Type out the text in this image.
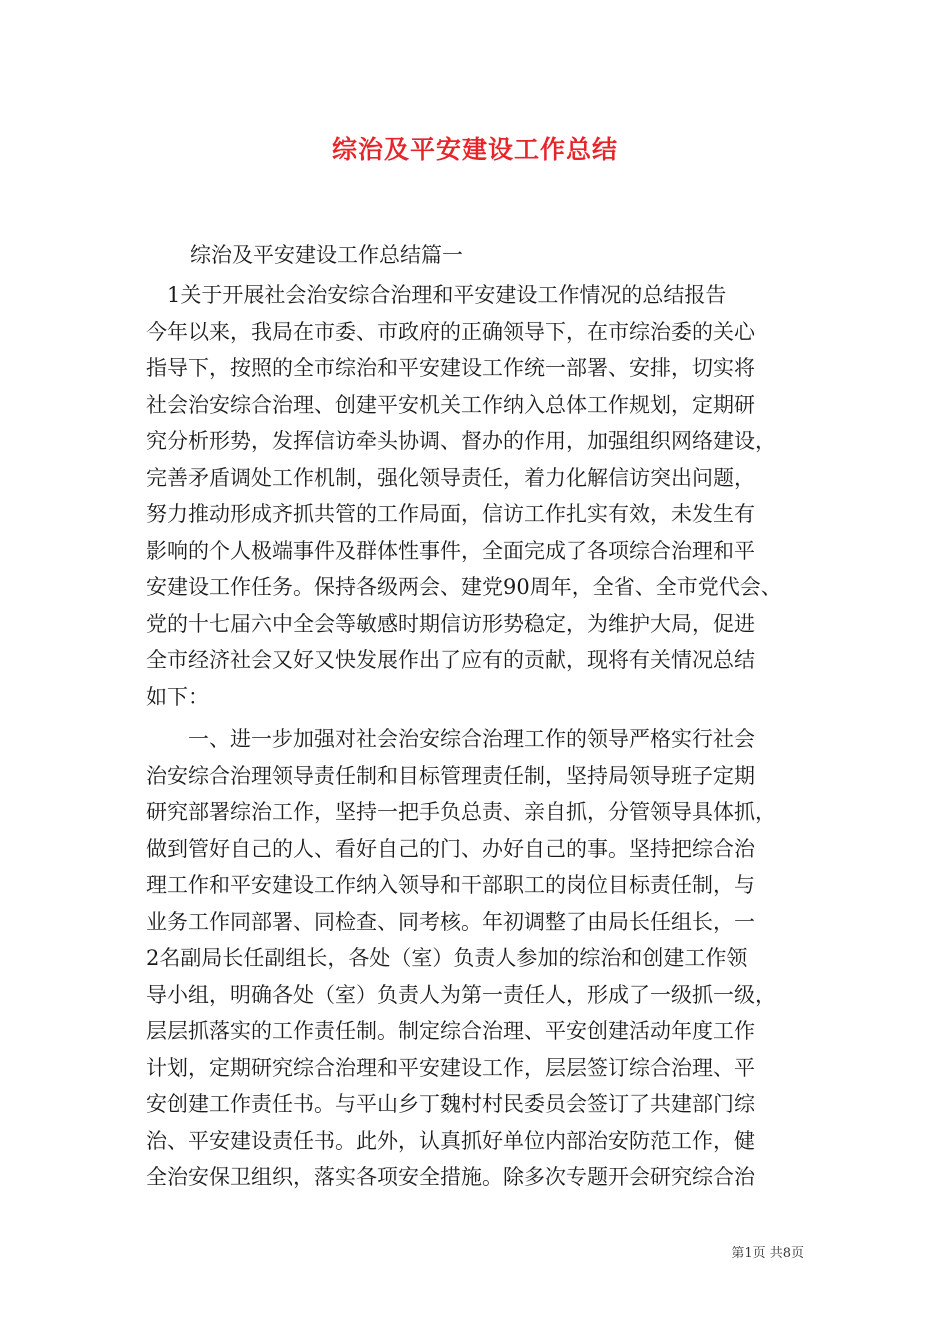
综治及平安建设工作总结
综治及平安建设工作总结篇一
　1关于开展社会治安综合治理和平安建设工作情况的总结报告
今年以来，我局在市委、市政府的正确领导下，在市综治委的关心
指导下，按照的全市综治和平安建设工作统一部署、安排，切实将
社会治安综合治理、创建平安机关工作纳入总体工作规划，定期研
究分析形势，发挥信访牵头协调、督办的作用，加强组织网络建设，
完善矛盾调处工作机制，强化领导责任，着力化解信访突出问题，
努力推动形成齐抓共管的工作局面，信访工作扎实有效，未发生有
影响的个人极端事件及群体性事件，全面完成了各项综合治理和平
安建设工作任务。保持各级两会、建党90周年，全省、全市党代会、
党的十七届六中全会等敏感时期信访形势稳定，为维护大局，促进
全市经济社会又好又快发展作出了应有的贡献，现将有关情况总结
如下：
　　一、进一步加强对社会治安综合治理工作的领导严格实行社会
治安综合治理领导责任制和目标管理责任制，坚持局领导班子定期
研究部署综治工作，坚持一把手负总责、亲自抓，分管领导具体抓，
做到管好自己的人、看好自己的门、办好自己的事。坚持把综合治
理工作和平安建设工作纳入领导和干部职工的岗位目标责任制，与
业务工作同部署、同检查、同考核。年初调整了由局长任组长，一
2名副局长任副组长，各处（室）负责人参加的综治和创建工作领
导小组，明确各处（室）负责人为第一责任人，形成了一级抓一级，
层层抓落实的工作责任制。制定综合治理、平安创建活动年度工作
计划，定期研究综合治理和平安建设工作，层层签订综合治理、平
安创建工作责任书。与平山乡丁魏村村民委员会签订了共建部门综
治、平安建设责任书。此外，认真抓好单位内部治安防范工作，健
全治安保卫组织，落实各项安全措施。除多次专题开会研究综合治
第1页 共8页
